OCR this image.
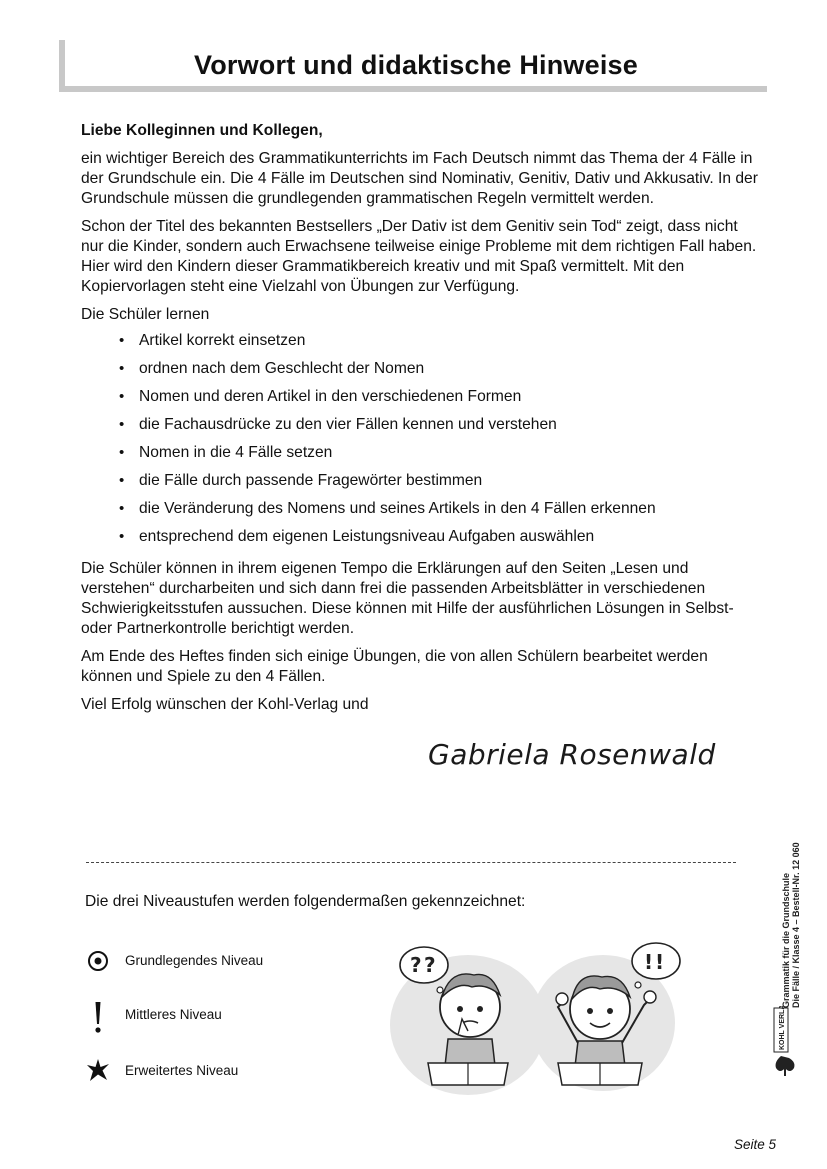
Vorwort und didaktische Hinweise

Liebe Kolleginnen und Kollegen,

ein wichtiger Bereich des Grammatikunterrichts im Fach Deutsch nimmt das Thema der 4 Fälle in der Grundschule ein. Die 4 Fälle im Deutschen sind Nominativ, Genitiv, Dativ und Akkusativ. In der Grundschule müssen die grundlegenden grammatischen Regeln vermittelt werden.

Schon der Titel des bekannten Bestsellers „Der Dativ ist dem Genitiv sein Tod“ zeigt, dass nicht nur die Kinder, sondern auch Erwachsene teilweise einige Probleme mit dem richtigen Fall haben. Hier wird den Kindern dieser Grammatikbereich kreativ und mit Spaß vermittelt. Mit den Kopiervorlagen steht eine Vielzahl von Übungen zur Verfügung.

Die Schüler lernen

• Artikel korrekt einsetzen
• ordnen nach dem Geschlecht der Nomen
• Nomen und deren Artikel in den verschiedenen Formen
• die Fachausdrücke zu den vier Fällen kennen und verstehen
• Nomen in die 4 Fälle setzen
• die Fälle durch passende Fragewörter bestimmen
• die Veränderung des Nomens und seines Artikels in den 4 Fällen erkennen
• entsprechend dem eigenen Leistungsniveau Aufgaben auswählen

Die Schüler können in ihrem eigenen Tempo die Erklärungen auf den Seiten „Lesen und verstehen“ durcharbeiten und sich dann frei die passenden Arbeitsblätter in verschiedenen Schwierigkeitsstufen aussuchen. Diese können mit Hilfe der ausführlichen Lösungen in Selbst- oder Partnerkontrolle berichtigt werden.

Am Ende des Heftes finden sich einige Übungen, die von allen Schülern bearbeitet werden können und Spiele zu den 4 Fällen.

Viel Erfolg wünschen der Kohl-Verlag und

Gabriela Rosenwald
Die drei Niveaustufen werden folgendermaßen gekennzeichnet:
Grundlegendes Niveau
Mittleres Niveau
Erweitertes Niveau
? ?	! !	Grammatik für die Grundschule Die Fälle / Klasse 4 – Bestell-Nr. 12 060
KOHL VERLAG
Seite 5
